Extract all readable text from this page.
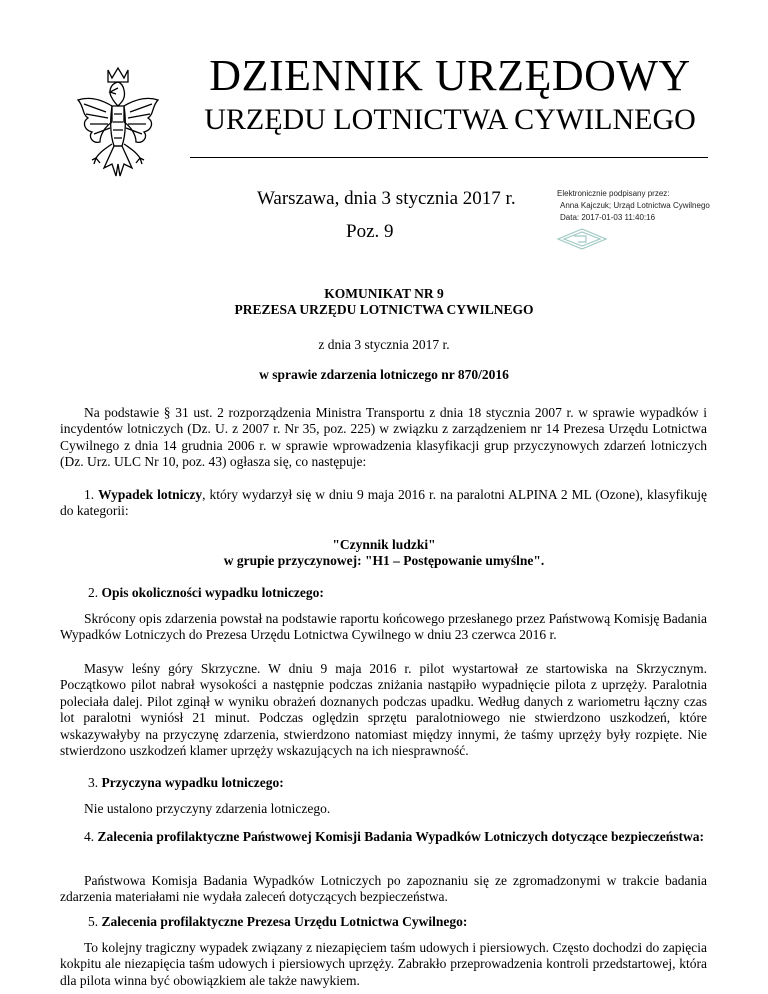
DZIENNIK URZĘDOWY
URZĘDU LOTNICTWA CYWILNEGO
Warszawa, dnia 3 stycznia 2017 r.
Poz. 9
Elektronicznie podpisany przez:
Anna Kajczuk; Urząd Lotnictwa Cywilnego
Data: 2017-01-03 11:40:16
KOMUNIKAT NR 9
PREZESA URZĘDU LOTNICTWA CYWILNEGO
z dnia 3 stycznia 2017 r.
w sprawie zdarzenia lotniczego nr 870/2016
Na podstawie § 31 ust. 2 rozporządzenia Ministra Transportu z dnia 18 stycznia 2007 r. w sprawie wypadków i incydentów lotniczych (Dz. U. z 2007 r. Nr 35, poz. 225) w związku z zarządzeniem nr 14 Prezesa Urzędu Lotnictwa Cywilnego z dnia 14 grudnia 2006 r. w sprawie wprowadzenia klasyfikacji grup przyczynowych zdarzeń lotniczych (Dz. Urz. ULC Nr 10, poz. 43) ogłasza się, co następuje:
1. Wypadek lotniczy, który wydarzył się w dniu 9 maja 2016 r. na paralotni ALPINA 2 ML (Ozone), klasyfikuję do kategorii:
"Czynnik ludzki"
w grupie przyczynowej: "H1 – Postępowanie umyślne".
2. Opis okoliczności wypadku lotniczego:
Skrócony opis zdarzenia powstał na podstawie raportu końcowego przesłanego przez Państwową Komisję Badania Wypadków Lotniczych do Prezesa Urzędu Lotnictwa Cywilnego w dniu 23 czerwca 2016 r.
Masyw leśny góry Skrzyczne. W dniu 9 maja 2016 r. pilot wystartował ze startowiska na Skrzycznym. Początkowo pilot nabrał wysokości a następnie podczas zniżania nastąpiło wypadnięcie pilota z uprzęży. Paralotnia poleciała dalej. Pilot zginął w wyniku obrażeń doznanych podczas upadku. Według danych z wariometru łączny czas lot paralotni wyniósł 21 minut. Podczas oględzin sprzętu paralotniowego nie stwierdzono uszkodzeń, które wskazywałyby na przyczynę zdarzenia, stwierdzono natomiast między innymi, że taśmy uprzęży były rozpięte. Nie stwierdzono uszkodzeń klamer uprzęży wskazujących na ich niesprawność.
3. Przyczyna wypadku lotniczego:
Nie ustalono przyczyny zdarzenia lotniczego.
4. Zalecenia profilaktyczne Państwowej Komisji Badania Wypadków Lotniczych dotyczące bezpieczeństwa:
Państwowa Komisja Badania Wypadków Lotniczych po zapoznaniu się ze zgromadzonymi w trakcie badania zdarzenia materiałami nie wydała zaleceń dotyczących bezpieczeństwa.
5. Zalecenia profilaktyczne Prezesa Urzędu Lotnictwa Cywilnego:
To kolejny tragiczny wypadek związany z niezapięciem taśm udowych i piersiowych. Często dochodzi do zapięcia kokpitu ale niezapięcia taśm udowych i piersiowych uprzęży. Zabrakło przeprowadzenia kontroli przedstartowej, która dla pilota winna być obowiązkiem ale także nawykiem.
